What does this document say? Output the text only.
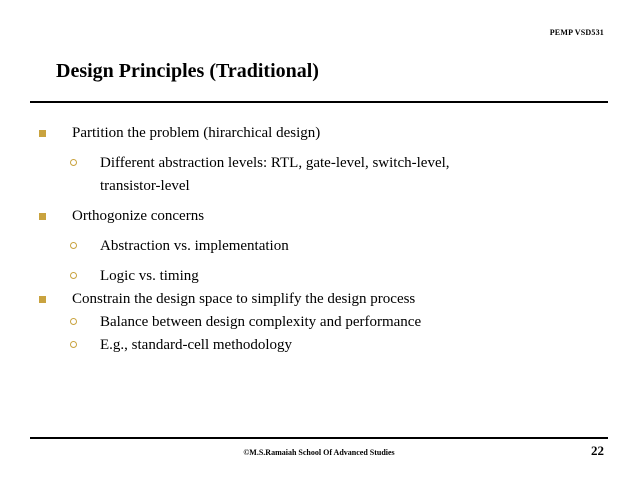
PEMP VSD531
Design Principles (Traditional)
Partition the problem (hirarchical design)
Different abstraction levels: RTL, gate-level, switch-level, transistor-level
Orthogonize concerns
Abstraction vs. implementation
Logic vs. timing
Constrain the design space to simplify the design process
Balance between design complexity and performance
E.g., standard-cell methodology
©M.S.Ramaiah School Of Advanced Studies	22
